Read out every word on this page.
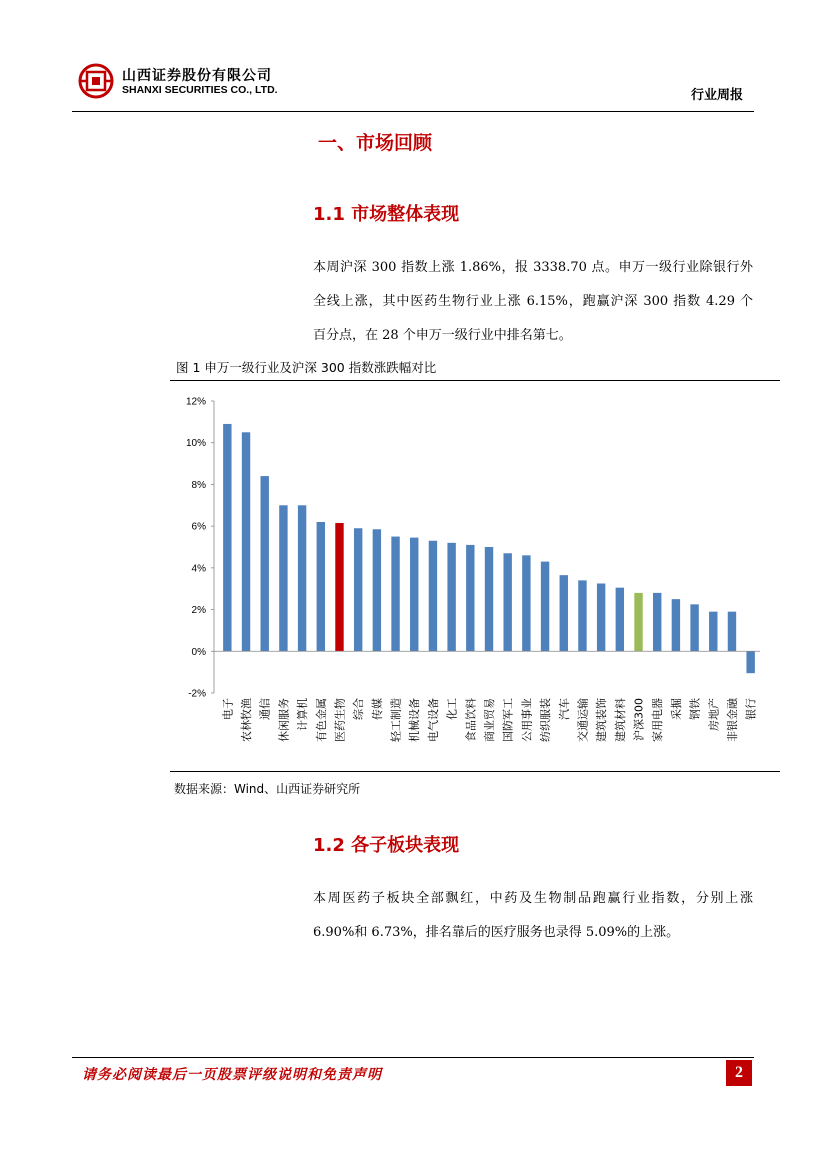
山西证券股份有限公司
SHANXI SECURITIES CO., LTD.	行业周报
一、市场回顾
1.1 市场整体表现
本周沪深 300 指数上涨 1.86%，报 3338.70 点。申万一级行业除银行外
全线上涨，其中医药生物行业上涨 6.15%，跑赢沪深 300 指数 4.29 个
百分点，在 28 个申万一级行业中排名第七。
图 1 申万一级行业及沪深 300 指数涨跌幅对比
12%
10%
8%
6%
4%
2%
0%
-2%
电子 农林牧渔 通信 休闲服务 计算机 有色金属 医药生物 综合 传媒 轻工制造 机械设备 电气设备 化工 食品饮料 商业贸易 国防军工 公用事业 纺织服装 汽车 交通运输 建筑装饰 建筑材料 沪深300 家用电器 采掘 钢铁 房地产 非银金融 银行
数据来源：Wind、山西证券研究所
1.2 各子板块表现
本周医药子板块全部飘红，中药及生物制品跑赢行业指数，分别上涨
6.90%和 6.73%，排名靠后的医疗服务也录得 5.09%的上涨。
请务必阅读最后一页股票评级说明和免责声明	2
